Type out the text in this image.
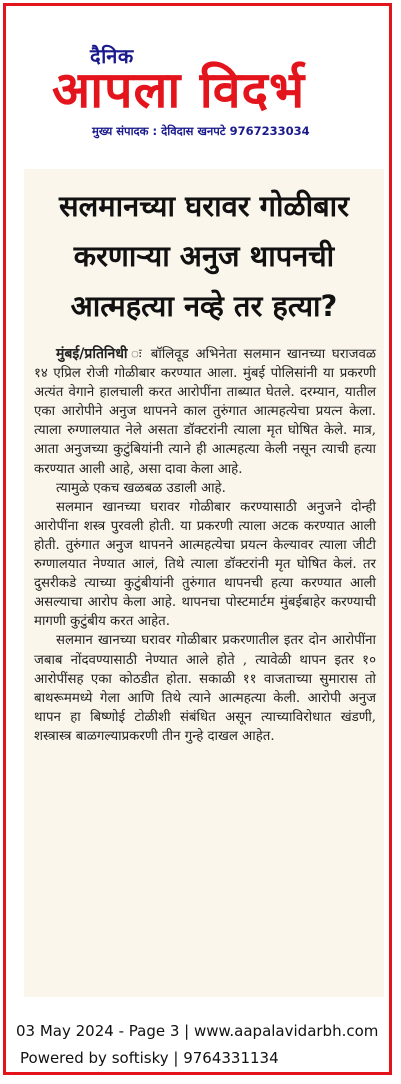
दैनिक
आपला विदर्भ
मुख्य संपादक : देविदास खनपटे 9767233034
सलमानच्या घरावर गोळीबार
करणाऱ्या अनुज थापनची
आत्महत्या नव्हे तर हत्या?

मुंबई/प्रतिनिधी ः बॉलिवूड अभिनेता सलमान खानच्या घराजवळ १४ एप्रिल रोजी गोळीबार करण्यात आला. मुंबई पोलिसांनी या प्रकरणी अत्यंत वेगाने हालचाली करत आरोपींना ताब्यात घेतले. दरम्यान, यातील एका आरोपीने अनुज थापनने काल तुरुंगात आत्महत्येचा प्रयत्न केला. त्याला रुग्णालयात नेले असता डॉक्टरांनी त्याला मृत घोषित केले. मात्र, आता अनुजच्या कुटुंबियांनी त्याने ही आत्महत्या केली नसून त्याची हत्या करण्यात आली आहे, असा दावा केला आहे.

त्यामुळे एकच खळबळ उडाली आहे.

सलमान खानच्या घरावर गोळीबार करण्यासाठी अनुजने दोन्ही आरोपींना शस्त्र पुरवली होती. या प्रकरणी त्याला अटक करण्यात आली होती. तुरुंगात अनुज थापनने आत्महत्येचा प्रयत्न केल्यावर त्याला जीटी रुग्णालयात नेण्यात आलं, तिथे त्याला डॉक्टरांनी मृत घोषित केलं. तर दुसरीकडे त्याच्या कुटुंबीयांनी तुरुंगात थापनची हत्या करण्यात आली असल्याचा आरोप केला आहे. थापनचा पोस्टमार्टम मुंबईबाहेर करण्याची मागणी कुटुंबीय करत आहेत.

सलमान खानच्या घरावर गोळीबार प्रकरणातील इतर दोन आरोपींना जबाब नोंदवण्यासाठी नेण्यात आले होते , त्यावेळी थापन इतर १० आरोपींसह एका कोठडीत होता. सकाळी ११ वाजताच्या सुमारास तो बाथरूममध्ये गेला आणि तिथे त्याने आत्महत्या केली. आरोपी अनुज थापन हा बिष्णोई टोळीशी संबंधित असून त्याच्याविरोधात खंडणी, शस्त्रास्त्र बाळगल्याप्रकरणी तीन गुन्हे दाखल आहेत.

03 May 2024 - Page 3 | www.aapalavidarbh.com
Powered by softisky | 9764331134
